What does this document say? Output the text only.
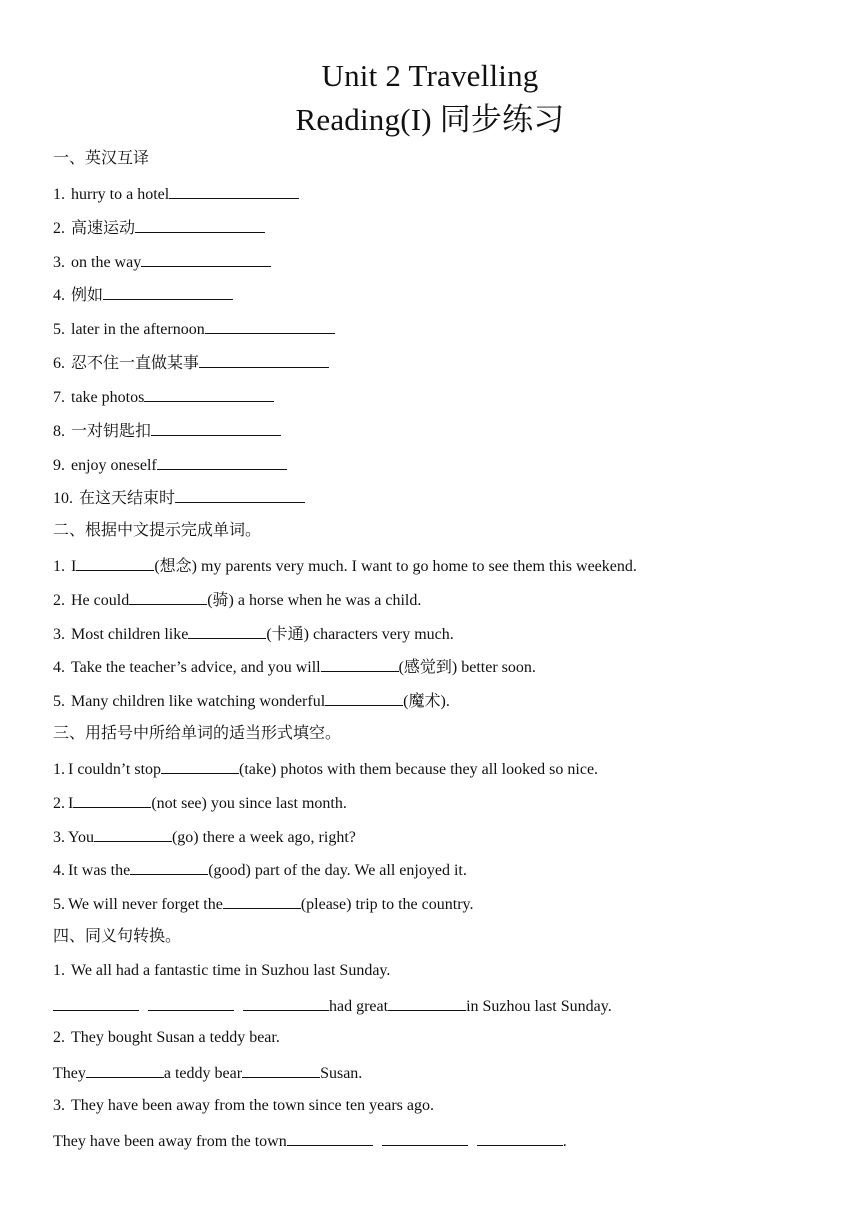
Unit 2 Travelling
Reading(I) 同步练习
一、英汉互译
1. hurry to a hotel
2. 高速运动
3. on the way
4. 例如
5. later in the afternoon
6. 忍不住一直做某事
7. take photos
8. 一对钥匙扣
9. enjoy oneself
10. 在这天结束时
二、根据中文提示完成单词。
1. I	(想念) my parents very much. I want to go home to see them this weekend.
2. He could	(骑) a horse when he was a child.
3. Most children like	(卡通) characters very much.
4. Take the teacher’s advice, and you will	(感觉到) better soon.
5. Many children like watching wonderful	(魔术).
三、用括号中所给单词的适当形式填空。
1. I couldn’t stop	(take) photos with them because they all looked so nice.
2. I	(not see) you since last month.
3. You	(go) there a week ago, right?
4. It was the	(good) part of the day. We all enjoyed it.
5. We will never forget the	(please) trip to the country.
四、同义句转换。
1. We all had a fantastic time in Suzhou last Sunday.
had great	in Suzhou last Sunday.
2. They bought Susan a teddy bear.
They	a teddy bear	Susan.
3. They have been away from the town since ten years ago.
They have been away from the town	.
